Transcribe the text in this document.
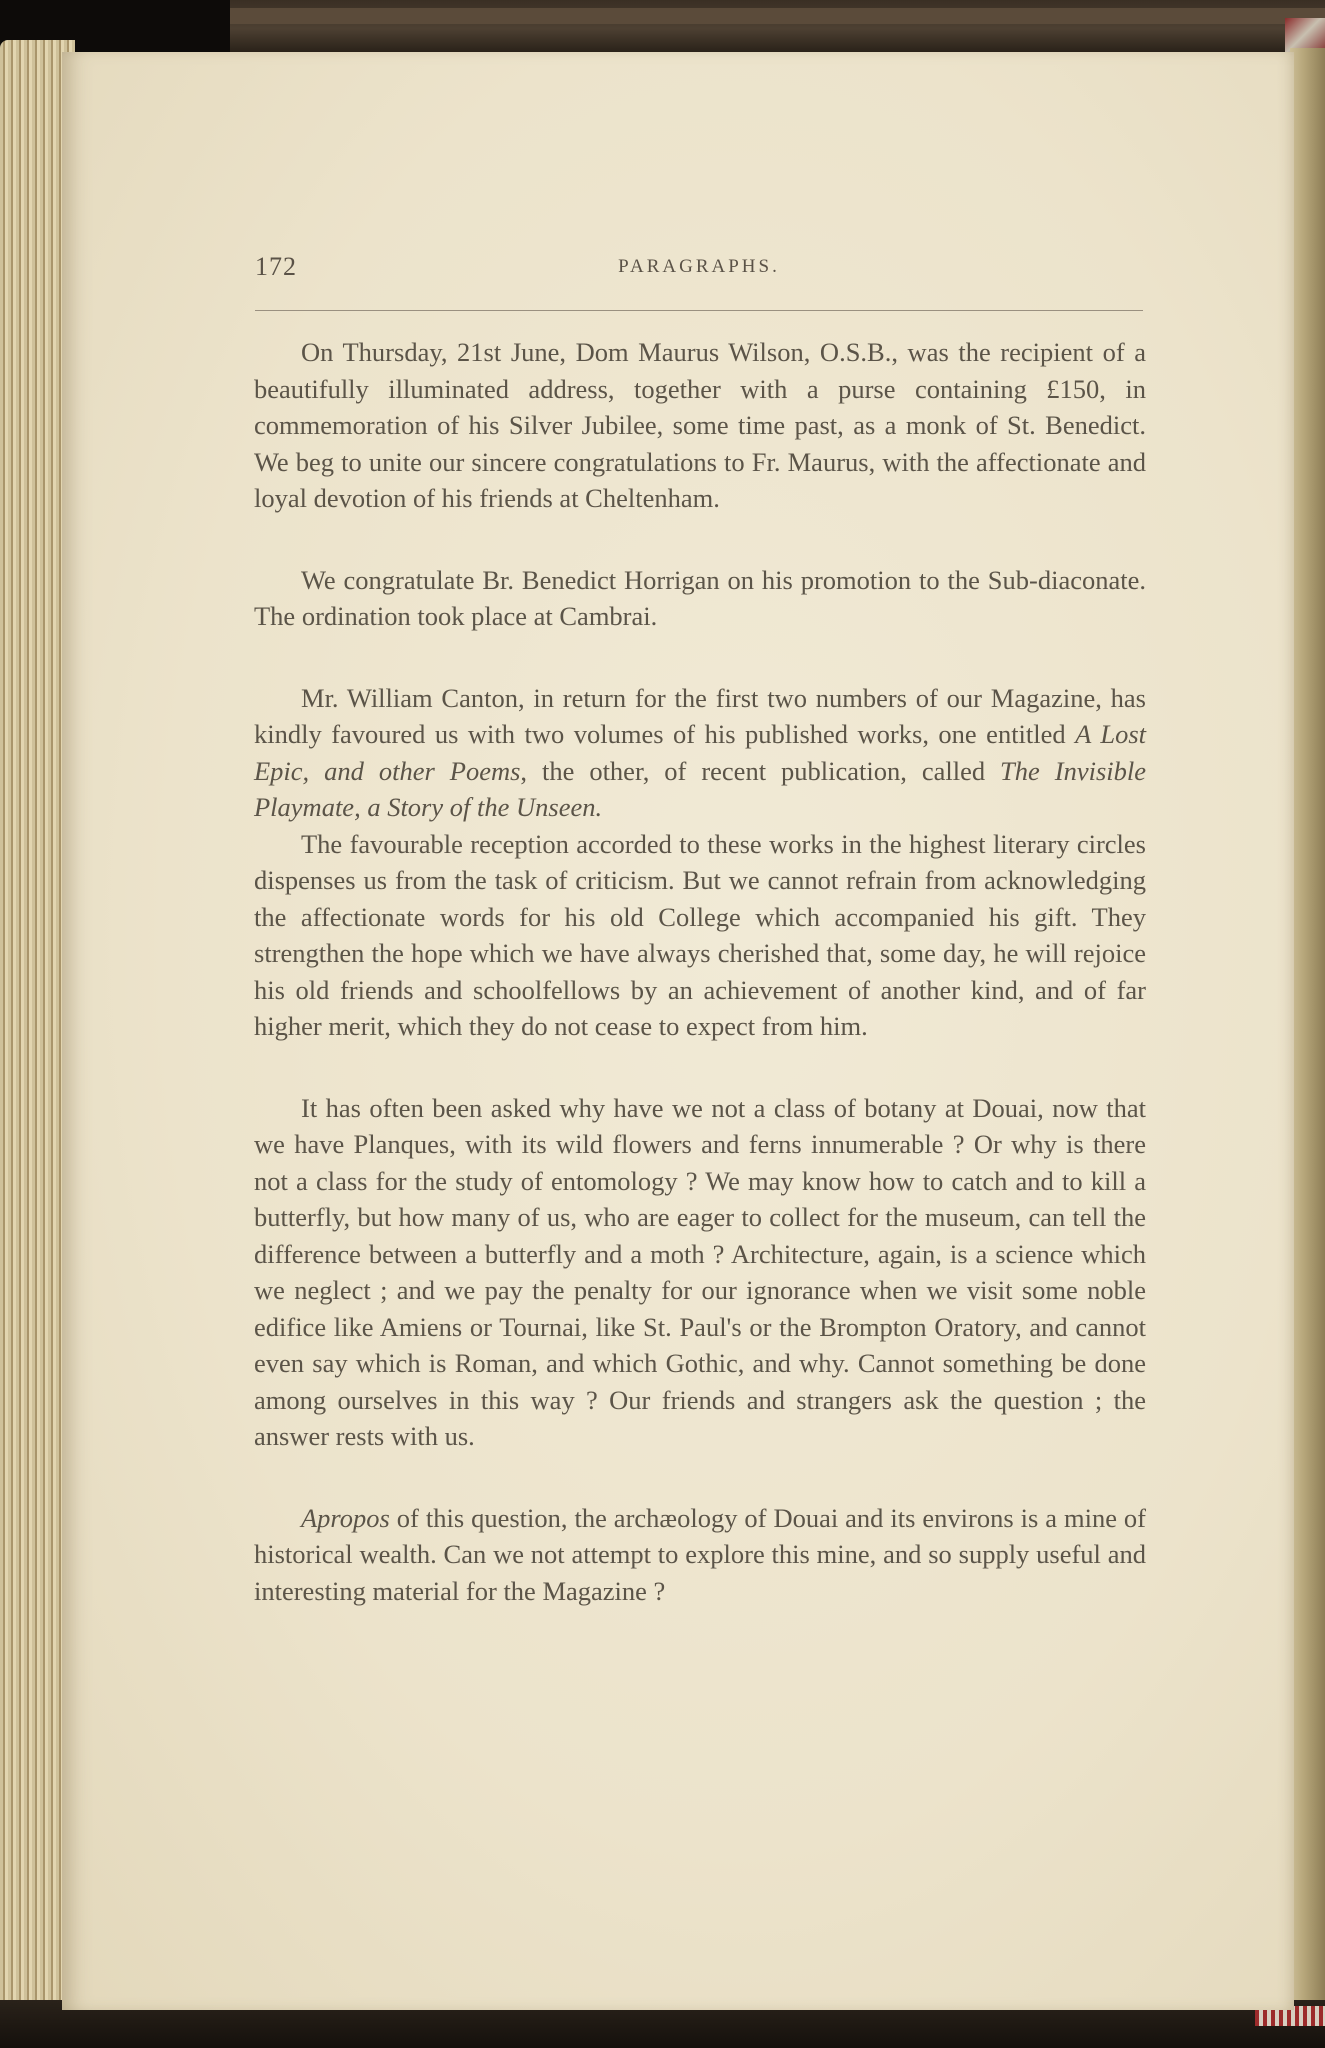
172	PARAGRAPHS.

On Thursday, 21st June, Dom Maurus Wilson, O.S.B., was the recipient of a beautifully illuminated address, together with a purse containing £150, in commemoration of his Silver Jubilee, some time past, as a monk of St. Benedict. We beg to unite our sincere congratulations to Fr. Maurus, with the affectionate and loyal devotion of his friends at Cheltenham.

We congratulate Br. Benedict Horrigan on his promotion to the Sub-diaconate. The ordination took place at Cambrai.

Mr. William Canton, in return for the first two numbers of our Magazine, has kindly favoured us with two volumes of his published works, one entitled A Lost Epic, and other Poems, the other, of recent publication, called The Invisible Playmate, a Story of the Unseen.

The favourable reception accorded to these works in the highest literary circles dispenses us from the task of criticism. But we cannot refrain from acknowledging the affectionate words for his old College which accompanied his gift. They strengthen the hope which we have always cherished that, some day, he will rejoice his old friends and schoolfellows by an achievement of another kind, and of far higher merit, which they do not cease to expect from him.

It has often been asked why have we not a class of botany at Douai, now that we have Planques, with its wild flowers and ferns innumerable ? Or why is there not a class for the study of entomology ? We may know how to catch and to kill a butterfly, but how many of us, who are eager to collect for the museum, can tell the difference between a butterfly and a moth ? Architecture, again, is a science which we neglect ; and we pay the penalty for our ignorance when we visit some noble edifice like Amiens or Tournai, like St. Paul's or the Brompton Oratory, and cannot even say which is Roman, and which Gothic, and why. Cannot something be done among ourselves in this way ? Our friends and strangers ask the question ; the answer rests with us.

Apropos of this question, the archæology of Douai and its environs is a mine of historical wealth. Can we not attempt to explore this mine, and so supply useful and interesting material for the Magazine ?
